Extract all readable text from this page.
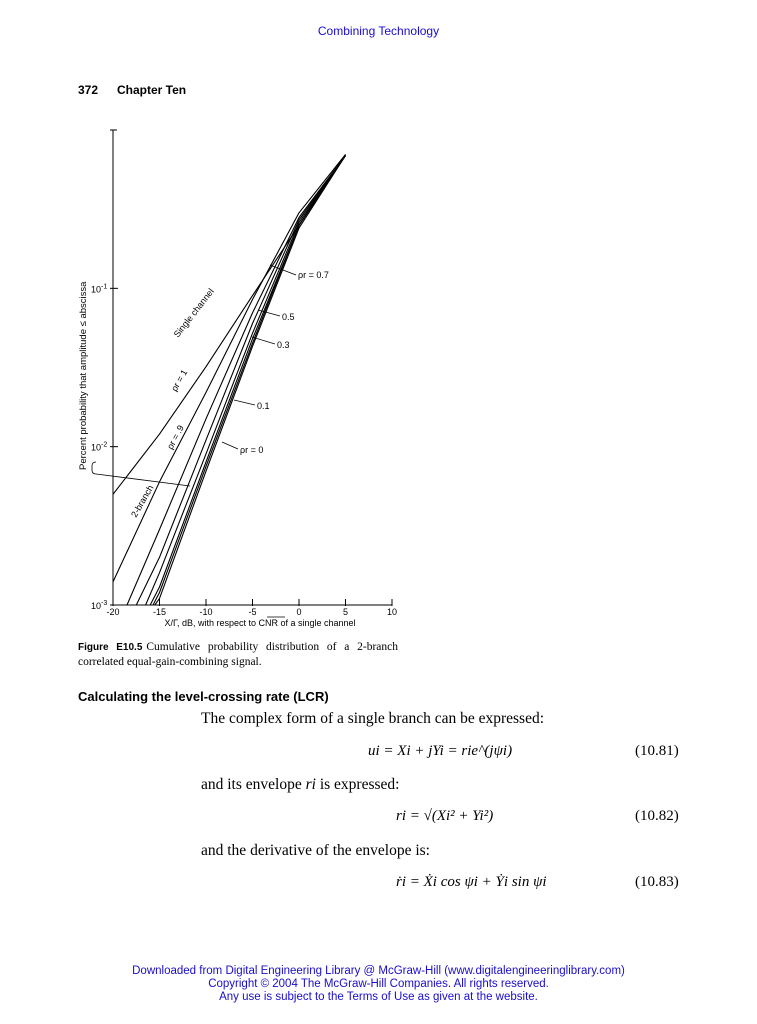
Combining Technology
372 Chapter Ten
$10^{-3}$
$10^{-2}$
$10^{-1}$
-20	-15	-10	-5	0	5	10
Single channel
ρr = 1
ρr = .9
2-branch
ρr = 0.7
0.5
0.3
0.1
ρr = 0
X/Γ, dB, with respect to CNR of a single channel
Percent probability that amplitude ≤ abscissa
Figure E10.5 Cumulative probability distribution of a 2-branch correlated equal-gain-combining signal.
Calculating the level-crossing rate (LCR)
The complex form of a single branch can be expressed:
ui = Xi + jYi = rie^(jψi)	(10.81)
and its envelope ri is expressed:
ri = √(Xi² + Yi²)	(10.82)
and the derivative of the envelope is:
ṙi = Ẋi cos ψi + Ẏi sin ψi	(10.83)
Downloaded from Digital Engineering Library @ McGraw-Hill (www.digitalengineeringlibrary.com)
Copyright © 2004 The McGraw-Hill Companies. All rights reserved.
Any use is subject to the Terms of Use as given at the website.
